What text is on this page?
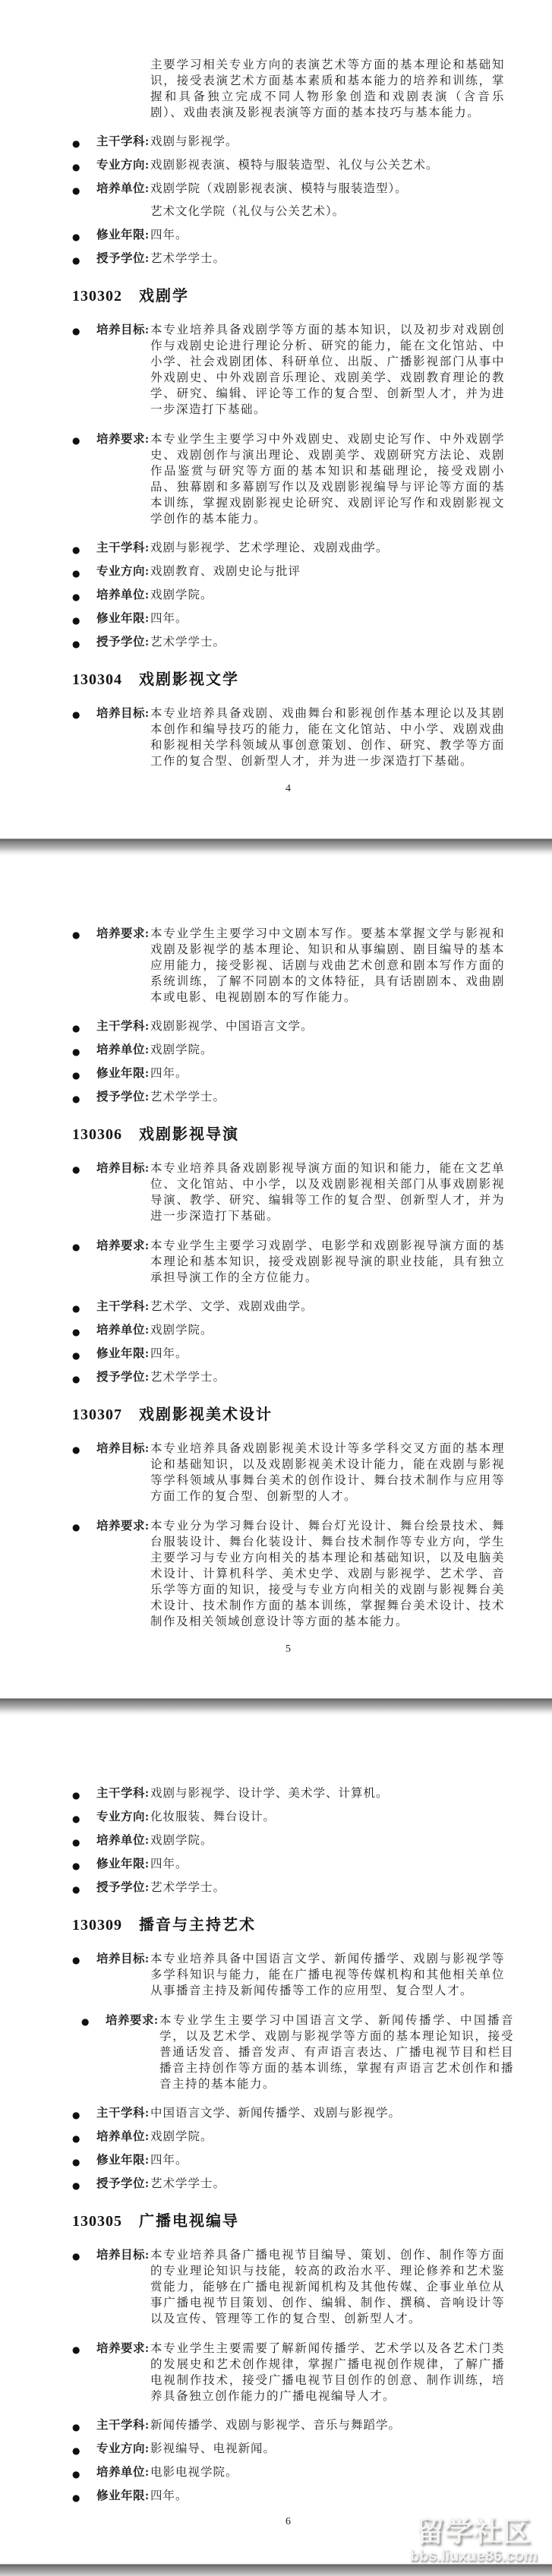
主要学习相关专业方向的表演艺术等方面的基本理论和基础知识，接受表演艺术方面基本素质和基本能力的培养和训练，掌握和具备独立完成不同人物形象创造和戏剧表演（含音乐剧）、戏曲表演及影视表演等方面的基本技巧与基本能力。
● 主干学科: 戏剧与影视学。
● 专业方向: 戏剧影视表演、模特与服装造型、礼仪与公关艺术。
● 培养单位: 戏剧学院（戏剧影视表演、模特与服装造型）。
艺术文化学院（礼仪与公关艺术）。
● 修业年限: 四年。
● 授予学位: 艺术学学士。
130302 戏剧学
● 培养目标: 本专业培养具备戏剧学等方面的基本知识，以及初步对戏剧创作与戏剧史论进行理论分析、研究的能力，能在文化馆站、中小学、社会戏剧团体、科研单位、出版、广播影视部门从事中外戏剧史、中外戏剧音乐理论、戏剧美学、戏剧教育理论的教学、研究、编辑、评论等工作的复合型、创新型人才，并为进一步深造打下基础。
● 培养要求: 本专业学生主要学习中外戏剧史、戏剧史论写作、中外戏剧学史、戏剧创作与演出理论、戏剧美学、戏剧研究方法论、戏剧作品鉴赏与研究等方面的基本知识和基础理论，接受戏剧小品、独幕剧和多幕剧写作以及戏剧影视编导与评论等方面的基本训练，掌握戏剧影视史论研究、戏剧评论写作和戏剧影视文学创作的基本能力。
● 主干学科: 戏剧与影视学、艺术学理论、戏剧戏曲学。
● 专业方向: 戏剧教育、戏剧史论与批评
● 培养单位: 戏剧学院。
● 修业年限: 四年。
● 授予学位: 艺术学学士。
130304 戏剧影视文学
● 培养目标: 本专业培养具备戏剧、戏曲舞台和影视创作基本理论以及其剧本创作和编导技巧的能力，能在文化馆站、中小学、戏剧戏曲和影视相关学科领域从事创意策划、创作、研究、教学等方面工作的复合型、创新型人才，并为进一步深造打下基础。
4
● 培养要求: 本专业学生主要学习中文剧本写作。要基本掌握文学与影视和戏剧及影视学的基本理论、知识和从事编剧、剧目编导的基本应用能力，接受影视、话剧与戏曲艺术创意和剧本写作方面的系统训练，了解不同剧本的文体特征，具有话剧剧本、戏曲剧本或电影、电视剧剧本的写作能力。
● 主干学科: 戏剧影视学、中国语言文学。
● 培养单位: 戏剧学院。
● 修业年限: 四年。
● 授予学位: 艺术学学士。
130306 戏剧影视导演
● 培养目标: 本专业培养具备戏剧影视导演方面的知识和能力，能在文艺单位、文化馆站、中小学，以及戏剧影视相关部门从事戏剧影视导演、教学、研究、编辑等工作的复合型、创新型人才，并为进一步深造打下基础。
● 培养要求: 本专业学生主要学习戏剧学、电影学和戏剧影视导演方面的基本理论和基本知识，接受戏剧影视导演的职业技能，具有独立承担导演工作的全方位能力。
● 主干学科: 艺术学、文学、戏剧戏曲学。
● 培养单位: 戏剧学院。
● 修业年限: 四年。
● 授予学位: 艺术学学士。
130307 戏剧影视美术设计
● 培养目标: 本专业培养具备戏剧影视美术设计等多学科交叉方面的基本理论和基础知识，以及戏剧影视美术设计能力，能在戏剧与影视等学科领域从事舞台美术的创作设计、舞台技术制作与应用等方面工作的复合型、创新型的人才。
● 培养要求: 本专业分为学习舞台设计、舞台灯光设计、舞台绘景技术、舞台服装设计、舞台化装设计、舞台技术制作等专业方向，学生主要学习与专业方向相关的基本理论和基础知识，以及电脑美术设计、计算机科学、美术史学、戏剧与影视学、艺术学、音乐学等方面的知识，接受与专业方向相关的戏剧与影视舞台美术设计、技术制作方面的基本训练，掌握舞台美术设计、技术制作及相关领域创意设计等方面的基本能力。
5
● 主干学科: 戏剧与影视学、设计学、美术学、计算机。
● 专业方向: 化妆服装、舞台设计。
● 培养单位: 戏剧学院。
● 修业年限: 四年。
● 授予学位: 艺术学学士。
130309 播音与主持艺术
● 培养目标: 本专业培养具备中国语言文学、新闻传播学、戏剧与影视学等多学科知识与能力，能在广播电视等传媒机构和其他相关单位从事播音主持及新闻传播等工作的应用型、复合型人才。
● 培养要求: 本专业学生主要学习中国语言文学、新闻传播学、中国播音学，以及艺术学、戏剧与影视学等方面的基本理论知识，接受普通话发音、播音发声、有声语言表达、广播电视节目和栏目播音主持创作等方面的基本训练，掌握有声语言艺术创作和播音主持的基本能力。
● 主干学科: 中国语言文学、新闻传播学、戏剧与影视学。
● 培养单位: 戏剧学院。
● 修业年限: 四年。
● 授予学位: 艺术学学士。
130305 广播电视编导
● 培养目标: 本专业培养具备广播电视节目编导、策划、创作、制作等方面的专业理论知识与技能，较高的政治水平、理论修养和艺术鉴赏能力，能够在广播电视新闻机构及其他传媒、企事业单位从事广播电视节目策划、创作、编辑、制作、撰稿、音响设计等以及宣传、管理等工作的复合型、创新型人才。
● 培养要求: 本专业学生主要需要了解新闻传播学、艺术学以及各艺术门类的发展史和艺术创作规律，掌握广播电视创作规律，了解广播电视制作技术，接受广播电视节目创作的创意、制作训练，培养具备独立创作能力的广播电视编导人才。
● 主干学科: 新闻传播学、戏剧与影视学、音乐与舞蹈学。
● 专业方向: 影视编导、电视新闻。
● 培养单位: 电影电视学院。
● 修业年限: 四年。
6	留学社区
bbs.liuxue86.com
